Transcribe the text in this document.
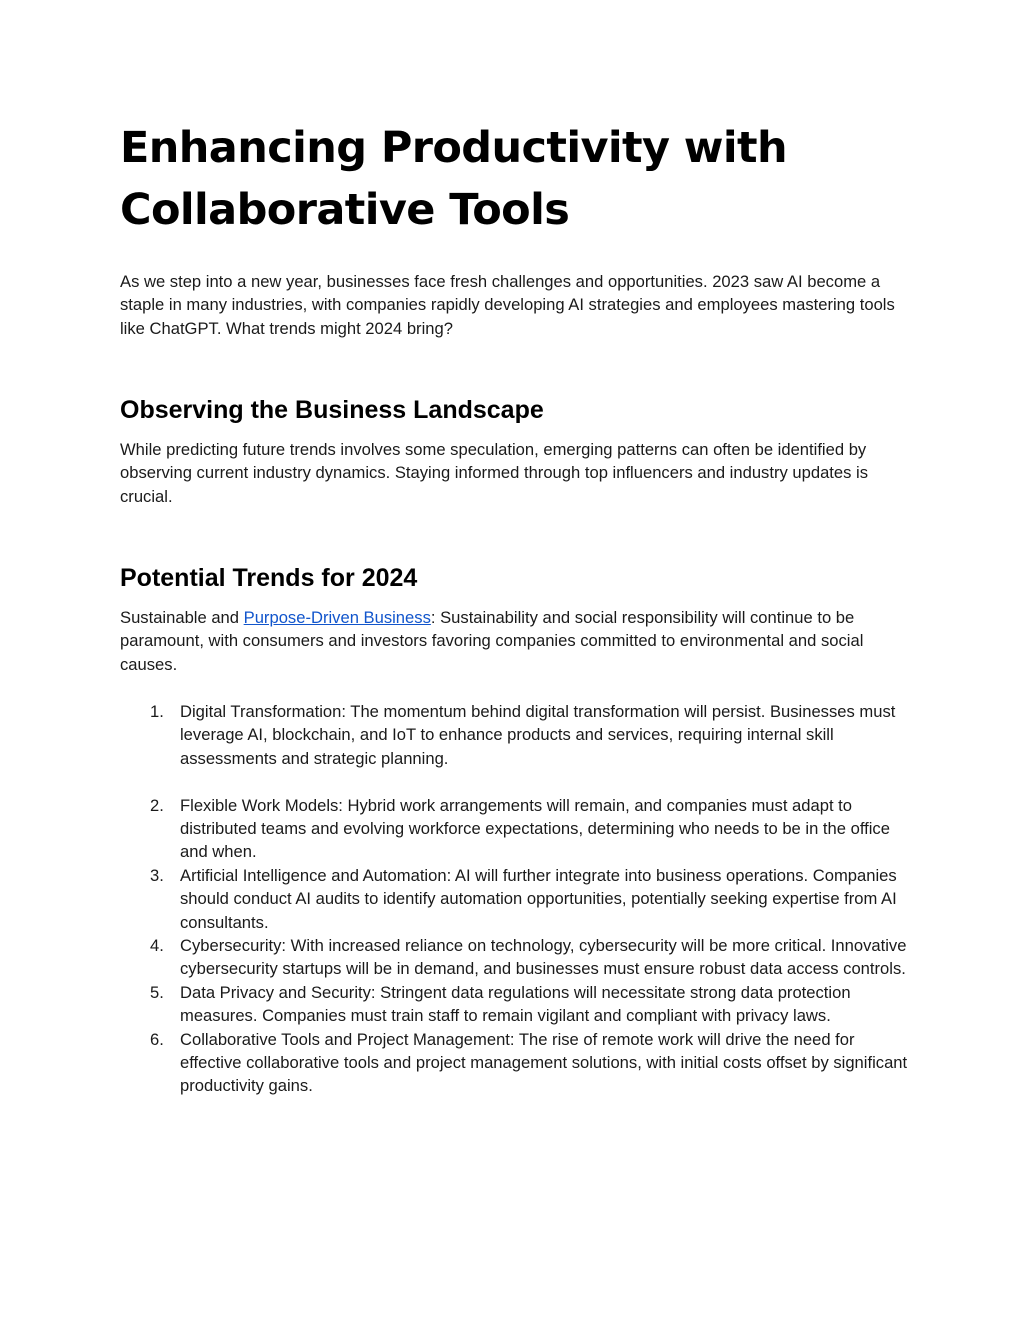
Enhancing Productivity with Collaborative Tools

As we step into a new year, businesses face fresh challenges and opportunities. 2023 saw AI become a staple in many industries, with companies rapidly developing AI strategies and employees mastering tools like ChatGPT. What trends might 2024 bring?

Observing the Business Landscape

While predicting future trends involves some speculation, emerging patterns can often be identified by observing current industry dynamics. Staying informed through top influencers and industry updates is crucial.

Potential Trends for 2024

Sustainable and Purpose-Driven Business: Sustainability and social responsibility will continue to be paramount, with consumers and investors favoring companies committed to environmental and social causes.

1. Digital Transformation: The momentum behind digital transformation will persist. Businesses must leverage AI, blockchain, and IoT to enhance products and services, requiring internal skill assessments and strategic planning.
2. Flexible Work Models: Hybrid work arrangements will remain, and companies must adapt to distributed teams and evolving workforce expectations, determining who needs to be in the office and when.
3. Artificial Intelligence and Automation: AI will further integrate into business operations. Companies should conduct AI audits to identify automation opportunities, potentially seeking expertise from AI consultants.
4. Cybersecurity: With increased reliance on technology, cybersecurity will be more critical. Innovative cybersecurity startups will be in demand, and businesses must ensure robust data access controls.
5. Data Privacy and Security: Stringent data regulations will necessitate strong data protection measures. Companies must train staff to remain vigilant and compliant with privacy laws.
6. Collaborative Tools and Project Management: The rise of remote work will drive the need for effective collaborative tools and project management solutions, with initial costs offset by significant productivity gains.
